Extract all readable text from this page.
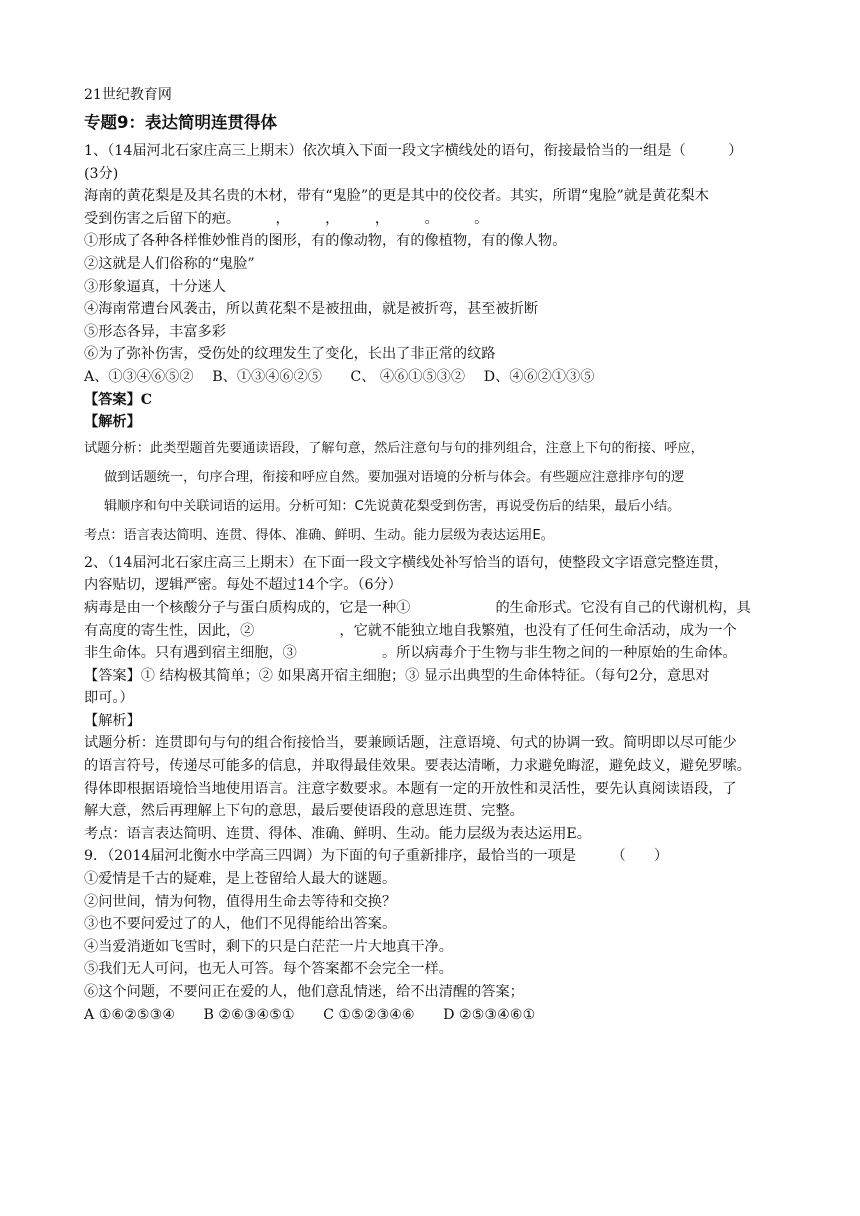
21世纪教育网
专题9：表达简明连贯得体
1、（14届河北石家庄高三上期末）依次填入下面一段文字横线处的语句，衔接最恰当的一组是（　　　）
(3分)
海南的黄花梨是及其名贵的木材，带有“鬼脸”的更是其中的佼佼者。其实，所谓“鬼脸”就是黄花梨木
受到伤害之后留下的疤。　　　，　　　，　　　，　　　。　　　。
①形成了各种各样惟妙惟肖的图形，有的像动物，有的像植物，有的像人物。
②这就是人们俗称的“鬼脸”
③形象逼真，十分迷人
④海南常遭台风袭击，所以黄花梨不是被扭曲，就是被折弯，甚至被折断
⑤形态各异，丰富多彩
⑥为了弥补伤害，受伤处的纹理发生了变化，长出了非正常的纹路
A、①③④⑥⑤②　 B、①③④⑥②⑤　　C、 ④⑥①⑤③②　 D、④⑥②①③⑤
【答案】C
【解析】
试题分析：此类型题首先要通读语段，了解句意，然后注意句与句的排列组合，注意上下句的衔接、呼应，
做到话题统一，句序合理，衔接和呼应自然。要加强对语境的分析与体会。有些题应注意排序句的逻
辑顺序和句中关联词语的运用。分析可知：C先说黄花梨受到伤害，再说受伤后的结果，最后小结。
考点：语言表达简明、连贯、得体、准确、鲜明、生动。能力层级为表达运用E。
2、（14届河北石家庄高三上期末）在下面一段文字横线处补写恰当的语句，使整段文字语意完整连贯，
内容贴切，逻辑严密。每处不超过14个字。（6分）
病毒是由一个核酸分子与蛋白质构成的，它是一种①　　　　　　的生命形式。它没有自己的代谢机构，具
有高度的寄生性，因此，②　　　　　　，它就不能独立地自我繁殖，也没有了任何生命活动，成为一个
非生命体。只有遇到宿主细胞，③　　　　　　。所以病毒介于生物与非生物之间的一种原始的生命体。
【答案】① 结构极其简单；② 如果离开宿主细胞；③ 显示出典型的生命体特征。（每句2分，意思对
即可。）
【解析】
试题分析：连贯即句与句的组合衔接恰当，要兼顾话题，注意语境、句式的协调一致。简明即以尽可能少
的语言符号，传递尽可能多的信息，并取得最佳效果。要表达清晰，力求避免晦涩，避免歧义，避免罗嗦。
得体即根据语境恰当地使用语言。注意字数要求。本题有一定的开放性和灵活性，要先认真阅读语段，了
解大意，然后再理解上下句的意思，最后要使语段的意思连贯、完整。
考点：语言表达简明、连贯、得体、准确、鲜明、生动。能力层级为表达运用E。
9．（2014届河北衡水中学高三四调）为下面的句子重新排序，最恰当的一项是　　　（　　）
①爱情是千古的疑难，是上苍留给人最大的谜题。
②问世间，情为何物，值得用生命去等待和交换？
③也不要问爱过了的人，他们不见得能给出答案。
④当爱消逝如飞雪时，剩下的只是白茫茫一片大地真干净。
⑤我们无人可问，也无人可答。每个答案都不会完全一样。
⑥这个问题，不要问正在爱的人，他们意乱情迷，给不出清醒的答案；
A ①⑥②⑤③④　　B ②⑥③④⑤①　　C ①⑤②③④⑥　　D ②⑤③④⑥①
